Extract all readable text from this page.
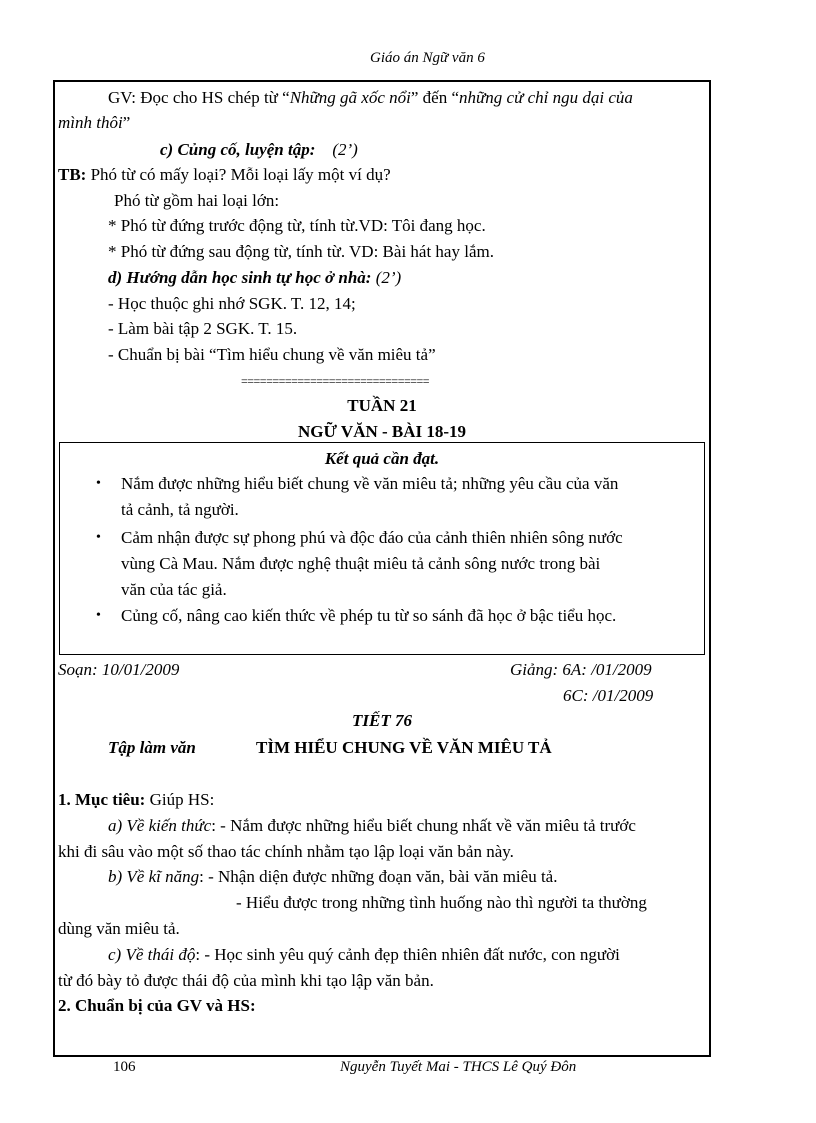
Giáo án Ngữ văn 6
GV: Đọc cho HS chép từ “Những gã xốc nổi” đến “những cử chỉ ngu dại của
mình thôi”
c) Củng cố, luyện tập: (2’)
TB: Phó từ có mấy loại? Mỗi loại lấy một ví dụ?
Phó từ gồm hai loại lớn:
* Phó từ đứng trước động từ, tính từ.VD: Tôi đang học.
* Phó từ đứng sau động từ, tính từ. VD: Bài hát hay lắm.
d) Hướng dẫn học sinh tự học ở nhà: (2’)
- Học thuộc ghi nhớ SGK. T. 12, 14;
- Làm bài tập 2 SGK. T. 15.
- Chuẩn bị bài “Tìm hiểu chung về văn miêu tả”
==============================
TUẦN 21
NGỮ VĂN - BÀI 18-19
Kết quả cần đạt.
• Nắm được những hiểu biết chung về văn miêu tả; những yêu cầu của văn
tả cảnh, tả người.
• Cảm nhận được sự phong phú và độc đáo của cảnh thiên nhiên sông nước
vùng Cà Mau. Nắm được nghệ thuật miêu tả cảnh sông nước trong bài
văn của tác giả.
• Củng cố, nâng cao kiến thức về phép tu từ so sánh đã học ở bậc tiểu học.
Soạn: 10/01/2009	Giảng: 6A: /01/2009
6C: /01/2009
TIẾT 76
Tập làm văn	TÌM HIỂU CHUNG VỀ VĂN MIÊU TẢ
1. Mục tiêu: Giúp HS:
a) Về kiến thức: - Nắm được những hiểu biết chung nhất về văn miêu tả trước
khi đi sâu vào một số thao tác chính nhằm tạo lập loại văn bản này.
b) Về kĩ năng: - Nhận diện được những đoạn văn, bài văn miêu tả.
- Hiểu được trong những tình huống nào thì người ta thường
dùng văn miêu tả.
c) Về thái độ: - Học sinh yêu quý cảnh đẹp thiên nhiên đất nước, con người
từ đó bày tỏ được thái độ của mình khi tạo lập văn bản.
2. Chuẩn bị của GV và HS:
106	Nguyễn Tuyết Mai - THCS Lê Quý Đôn
